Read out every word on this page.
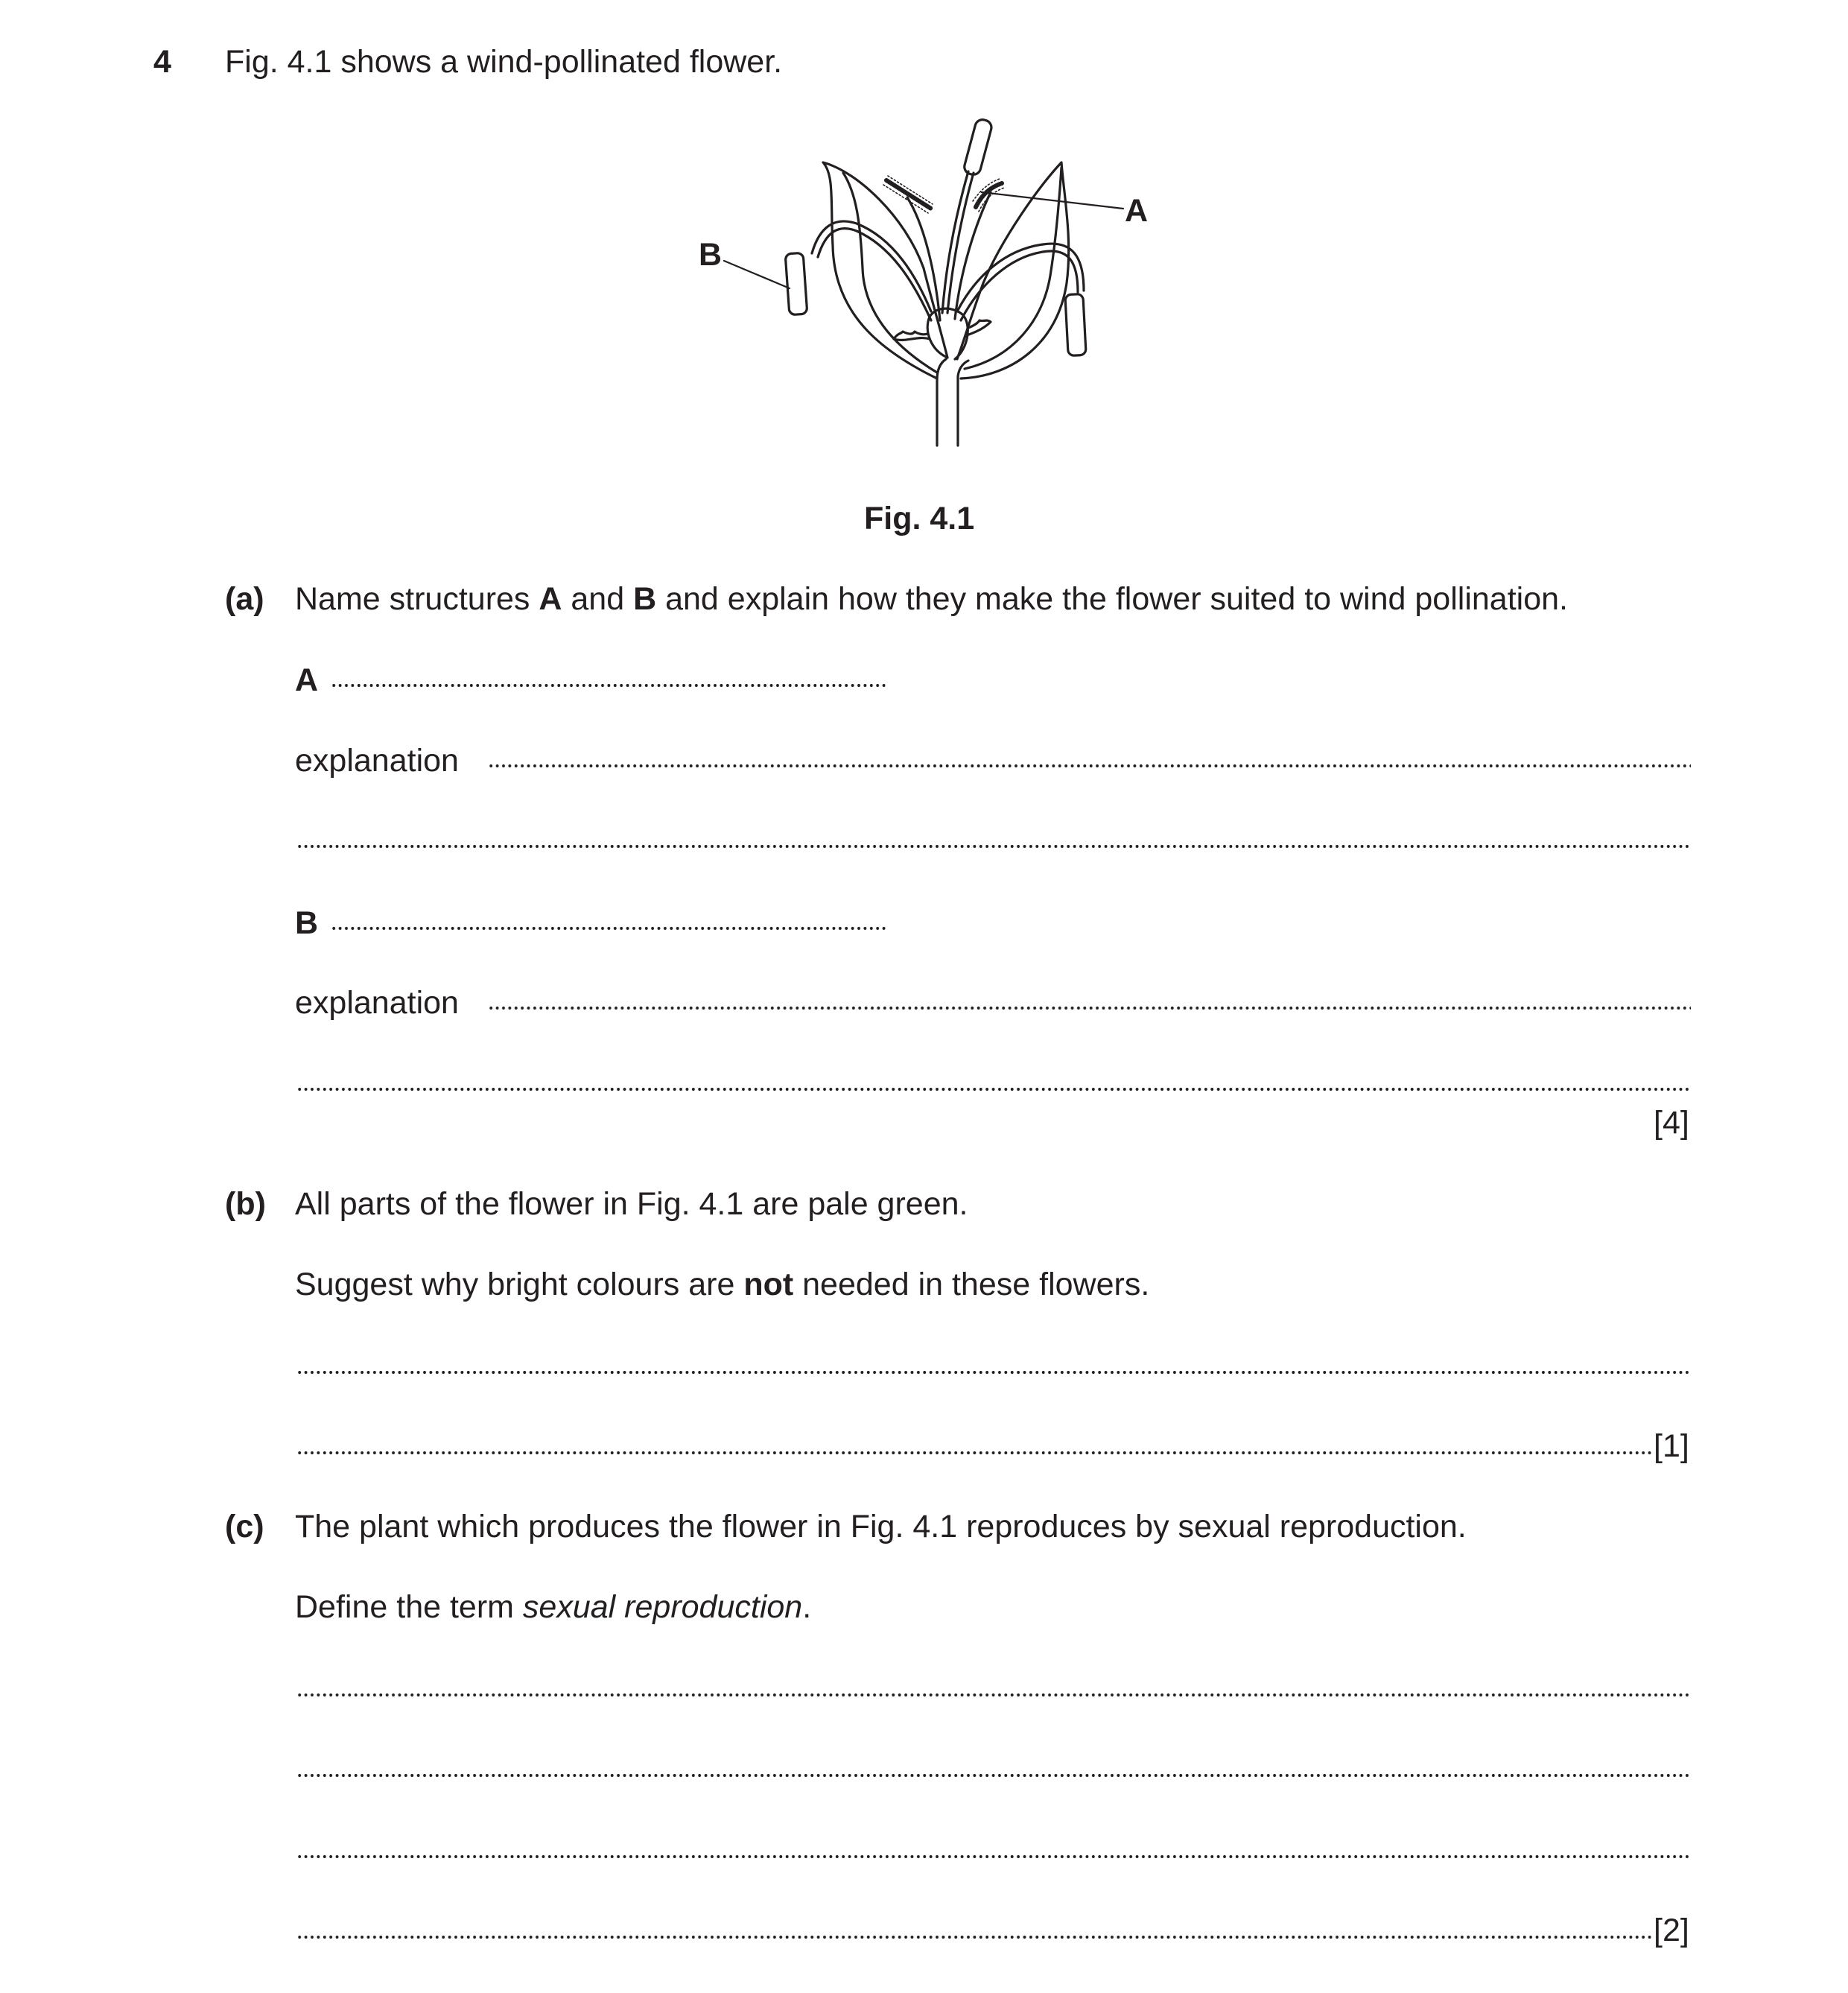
4 Fig. 4.1 shows a wind-pollinated flower.
A
B
Fig. 4.1
(a) Name structures A and B and explain how they make the flower suited to wind pollination.
A
explanation
B
explanation
[4]
(b) All parts of the flower in Fig. 4.1 are pale green.
Suggest why bright colours are not needed in these flowers.
[1]
(c) The plant which produces the flower in Fig. 4.1 reproduces by sexual reproduction.
Define the term sexual reproduction.
[2]
